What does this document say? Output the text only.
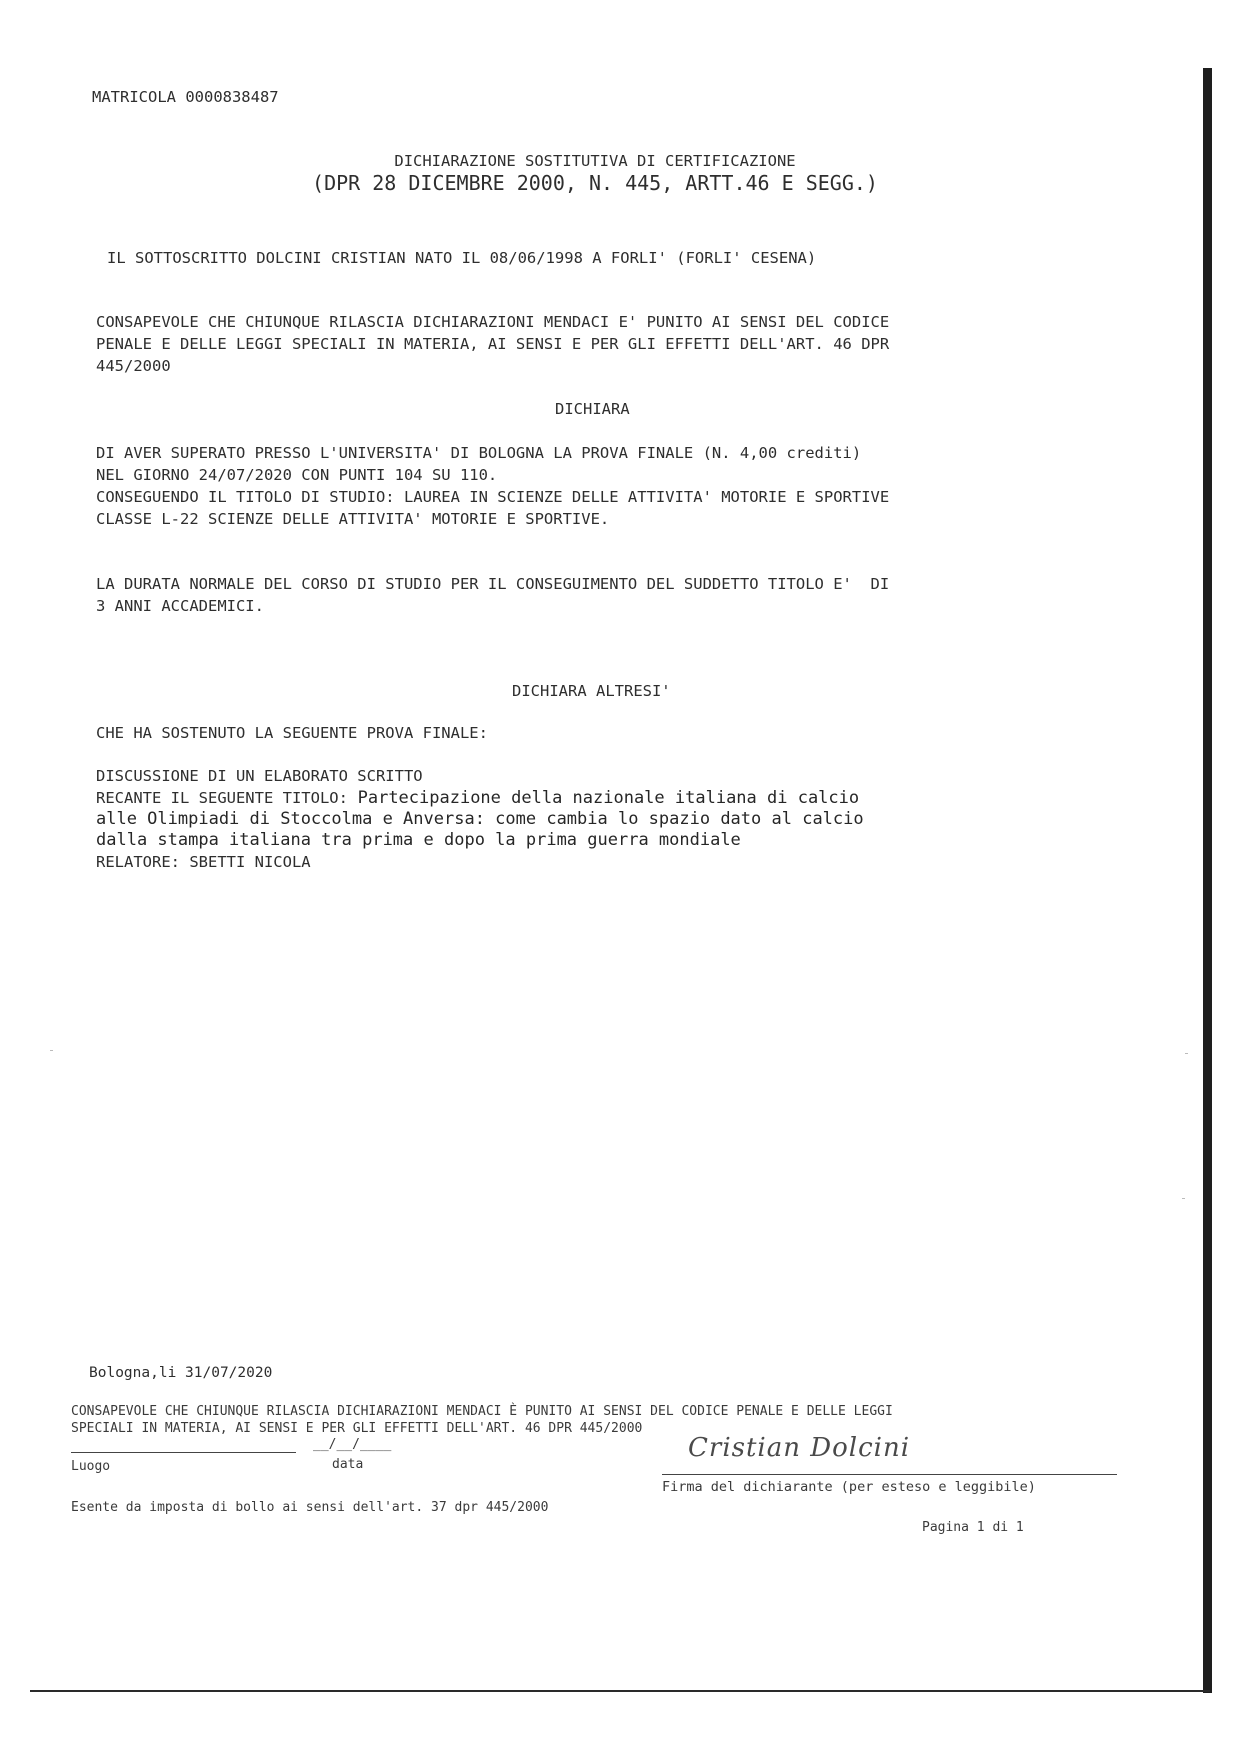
MATRICOLA 0000838487
DICHIARAZIONE SOSTITUTIVA DI CERTIFICAZIONE
(DPR 28 DICEMBRE 2000, N. 445, ARTT.46 E SEGG.)
IL SOTTOSCRITTO DOLCINI CRISTIAN NATO IL 08/06/1998 A FORLI' (FORLI' CESENA)
CONSAPEVOLE CHE CHIUNQUE RILASCIA DICHIARAZIONI MENDACI E' PUNITO AI SENSI DEL CODICE
PENALE E DELLE LEGGI SPECIALI IN MATERIA, AI SENSI E PER GLI EFFETTI DELL'ART. 46 DPR
445/2000
DICHIARA
DI AVER SUPERATO PRESSO L'UNIVERSITA' DI BOLOGNA LA PROVA FINALE (N. 4,00 crediti)
NEL GIORNO 24/07/2020 CON PUNTI 104 SU 110.
CONSEGUENDO IL TITOLO DI STUDIO: LAUREA IN SCIENZE DELLE ATTIVITA' MOTORIE E SPORTIVE
CLASSE L-22 SCIENZE DELLE ATTIVITA' MOTORIE E SPORTIVE.
LA DURATA NORMALE DEL CORSO DI STUDIO PER IL CONSEGUIMENTO DEL SUDDETTO TITOLO E'  DI
3 ANNI ACCADEMICI.
DICHIARA ALTRESI'
CHE HA SOSTENUTO LA SEGUENTE PROVA FINALE:
DISCUSSIONE DI UN ELABORATO SCRITTO
RECANTE IL SEGUENTE TITOLO: Partecipazione della nazionale italiana di calcio
alle Olimpiadi di Stoccolma e Anversa: come cambia lo spazio dato al calcio
dalla stampa italiana tra prima e dopo la prima guerra mondiale
RELATORE: SBETTI NICOLA
Bologna,li 31/07/2020
CONSAPEVOLE CHE CHIUNQUE RILASCIA DICHIARAZIONI MENDACI È PUNITO AI SENSI DEL CODICE PENALE E DELLE LEGGI
SPECIALI IN MATERIA, AI SENSI E PER GLI EFFETTI DELL'ART. 46 DPR 445/2000
__/__/____
Luogo	data
Cristian Dolcini
Firma del dichiarante (per esteso e leggibile)
Esente da imposta di bollo ai sensi dell'art. 37 dpr 445/2000
Pagina 1 di 1
